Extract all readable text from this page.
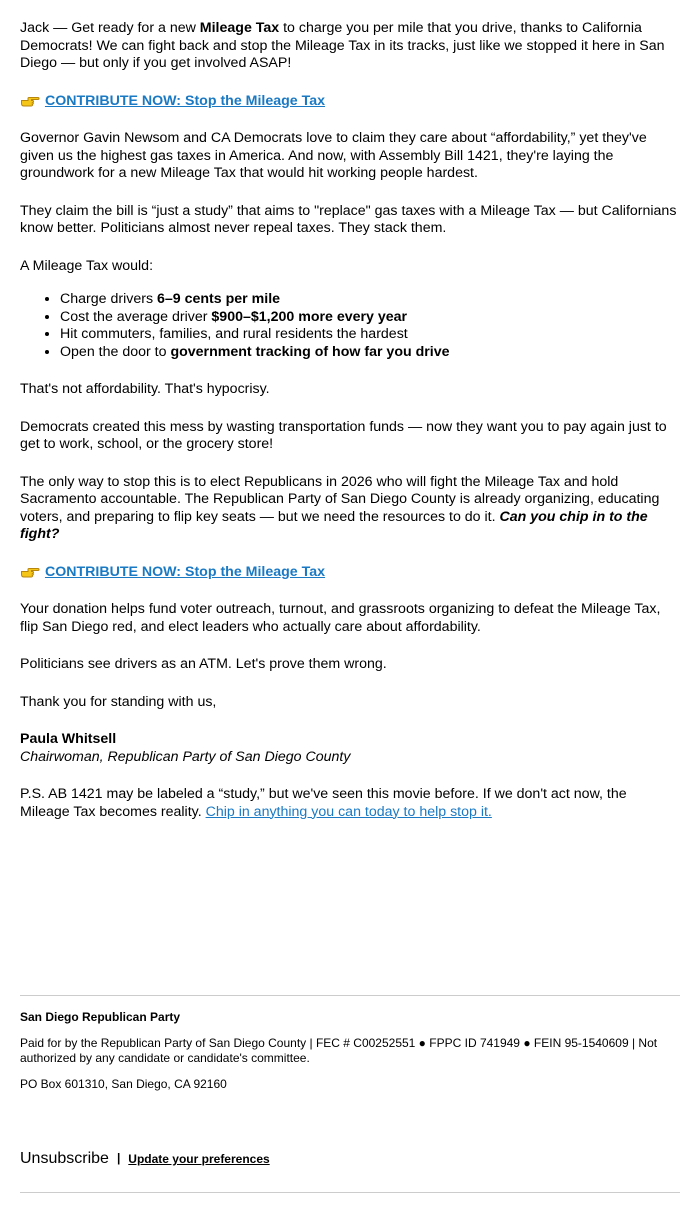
Jack — Get ready for a new Mileage Tax to charge you per mile that you drive, thanks to California Democrats! We can fight back and stop the Mileage Tax in its tracks, just like we stopped it here in San Diego — but only if you get involved ASAP!

CONTRIBUTE NOW: Stop the Mileage Tax

Governor Gavin Newsom and CA Democrats love to claim they care about “affordability,” yet they've given us the highest gas taxes in America. And now, with Assembly Bill 1421, they're laying the groundwork for a new Mileage Tax that would hit working people hardest.

They claim the bill is “just a study” that aims to "replace" gas taxes with a Mileage Tax — but Californians know better. Politicians almost never repeal taxes. They stack them.

A Mileage Tax would:

• Charge drivers 6–9 cents per mile
• Cost the average driver $900–$1,200 more every year
• Hit commuters, families, and rural residents the hardest
• Open the door to government tracking of how far you drive

That's not affordability. That's hypocrisy.

Democrats created this mess by wasting transportation funds — now they want you to pay again just to get to work, school, or the grocery store!

The only way to stop this is to elect Republicans in 2026 who will fight the Mileage Tax and hold Sacramento accountable. The Republican Party of San Diego County is already organizing, educating voters, and preparing to flip key seats — but we need the resources to do it. Can you chip in to the fight?

CONTRIBUTE NOW: Stop the Mileage Tax

Your donation helps fund voter outreach, turnout, and grassroots organizing to defeat the Mileage Tax, flip San Diego red, and elect leaders who actually care about affordability.

Politicians see drivers as an ATM. Let's prove them wrong.

Thank you for standing with us,

Paula Whitsell
Chairwoman, Republican Party of San Diego County

P.S. AB 1421 may be labeled a “study,” but we've seen this movie before. If we don't act now, the Mileage Tax becomes reality. Chip in anything you can today to help stop it.

San Diego Republican Party

Paid for by the Republican Party of San Diego County | FEC # C00252551 ● FPPC ID 741949 ● FEIN 95-1540609 | Not authorized by any candidate or candidate's committee.

PO Box 601310, San Diego, CA 92160

Unsubscribe | Update your preferences
